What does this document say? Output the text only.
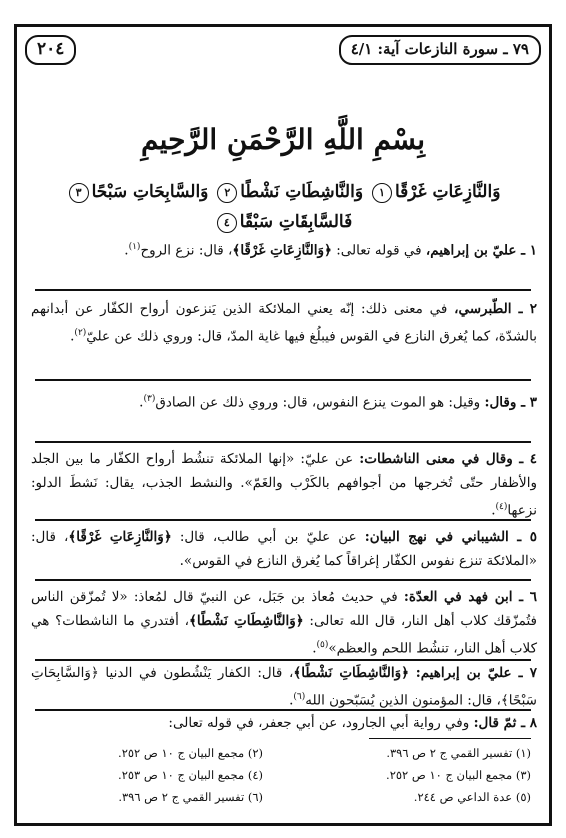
٢٠٤	٧٩ ـ سورة النازعات آية: ٤/١
بِسْمِ اللَّهِ الرَّحْمَنِ الرَّحِيمِ
وَالنَّازِعَاتِ غَرْقًا١ وَالنَّاشِطَاتِ نَشْطًا٢ وَالسَّابِحَاتِ سَبْحًا٣ فَالسَّابِقَاتِ سَبْقًا٤
١ ـ عليّ بن إبراهيم، في قوله تعالى: ﴿وَالنَّازِعَاتِ غَرْقًا﴾، قال: نزع الروح$^{(١)}$.
٢ ـ الطّبرسي، في معنى ذلك: إنّه يعني الملائكة الذين يَنزعون أرواح الكفّار عن أبدانهم بالشدّة، كما يُغرق النازع في القوس فيبلُغ فيها غاية المدّ، قال: وروي ذلك عن عليّ$^{(٢)}$.
٣ ـ وقال: وقيل: هو الموت ينزع النفوس، قال: وروي ذلك عن الصادق$^{(٣)}$.
٤ ـ وقال في معنى الناشطات: عن عليّ: «إنها الملائكة تنشُط أرواح الكفّار ما بين الجلد والأظفار حتّى تُخرجها من أجوافهم بالكَرْب والغَمّ». والنشط الجذب، يقال: نَشطَ الدلو: نزعها$^{(٤)}$.
٥ ـ الشيباني في نهج البيان: عن عليّ بن أبي طالب، قال: ﴿وَالنَّازِعَاتِ غَرْقًا﴾، قال: «الملائكة تنزع نفوس الكفّار إغراقاً كما يُغرق النازع في القوس».
٦ ـ ابن فهد في العدّة: في حديث مُعاذ بن جَبَل، عن النبيّ قال لمُعاذ: «لا تُمزّقن الناس فتُمزّقك كلاب أهل النار، قال الله تعالى: ﴿وَالنَّاشِطَاتِ نَشْطًا﴾، أفتدري ما الناشطات؟ هي كلاب أهل النار، تنشُط اللحم والعظم»$^{(٥)}$.
٧ ـ عليّ بن إبراهيم: ﴿وَالنَّاشِطَاتِ نَشْطًا﴾، قال: الكفار يَنْشُطون في الدنيا ﴿وَالسَّابِحَاتِ سَبْحًا﴾، قال: المؤمنون الذين يُسَبّحون الله$^{(٦)}$.
٨ ـ ثمّ قال: وفي رواية أبي الجارود، عن أبي جعفر، في قوله تعالى:
(١) تفسير القمي ج ٢ ص ٣٩٦.
(٢) مجمع البيان ج ١٠ ص ٢٥٢.
(٣) مجمع البيان ج ١٠ ص ٢٥٢.
(٤) مجمع البيان ج ١٠ ص ٢٥٣.
(٥) عدة الداعي ص ٢٤٤.
(٦) تفسير القمي ج ٢ ص ٣٩٦.
